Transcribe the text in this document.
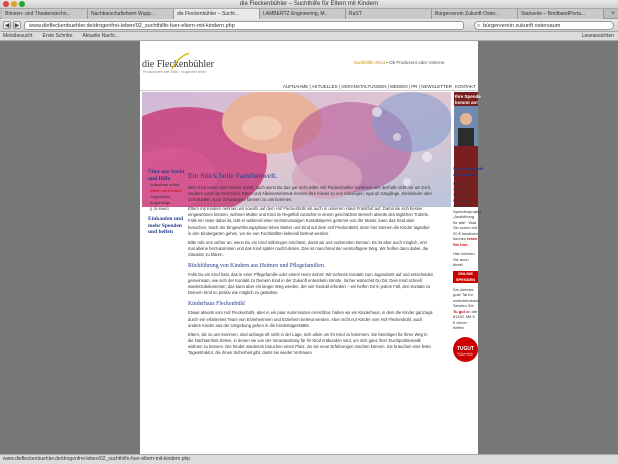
die Fleckenbühler – Suchthilfe für Eltern mit Kindern
Brinsen- und Theaterstechn...	Nachbarschaftsheim Wupp...	die Fleckenbühler – Sucht...	LAMBERTZ Engineering, M...	RaST	Bürgerverein Zukunft Oster...	Startseite – BreitbandPorta...	+
◀ ▶	www.diefleckenbuehler.de/drogenfrei-leben/02_suchthilfe-fuer-eltern-mit-kindern.php	⌕ bürgerverein zukunft ostersaum
Meistbesucht Erste Schritte Aktuelle Nachr...	Leseansichten
die Fleckenbühler
Produzenten seit 1984 · drogenfrei leben
Suchthilfe 2014 • Ob Produzent oder Unterne
AUFNAHME | AKTUELLES | VERANSTALTUNGEN | MEDIEN | PR | NEWSLETTER KONTAKT
Ihre Spende
kommt an!
Über uns Sucht und Hilfe
Aufnahme sofort
Eltern mit Kindern
Jugendhilfe
Angehörige
§ 35 BtMG
Einkaufen und mehr Spenden und helfen
Ein Stück heile Familienwelt.

Dein Kind leidet unter Deiner Sucht, auch wenn Du das gar nicht willst. Wir Fleckenbühler kümmern uns deshalb nicht nur um Dich, sondern auch um Dein Kind. Eltern und Alleinerziehende können ihre Kinder zu uns mitbringen, egal ob Säuglinge, Kleinkinder oder Schulkinder. Auch Schwangere können zu uns kommen.

Eltern mit Kindern nehmen wir sowohl auf dem Hof Fleckenbühl als auch in unserem Haus Frankfurt auf. Damit sie sich besser eingewöhnen können, wohnen Mutter und Kind im Regelfall zunächst in einem geschützten Bereich abseits des täglichen Trubels. Falls ein Vater dabei ist, lebt er während einer sechsmonatigen Kontaktsperre getrennt von der Mutter, kann das Kind aber besuchen. Nach der Eingewöhnungsphase leben Mutter und Kind auf dem Hof Fleckenbühl, denn hier können die Kinder tagsüber in den Kindergarten gehen, wo sie von Fachkräften liebevoll betreut werden.

Bitte rufe uns vorher an, wenn Du ein Kind mitbringen möchtest, damit wir uns vorbereiten können. Es ist aber auch möglich, erst mal alleine herzukommen und das Kind später nachzuholen. Das ist manchmal der vernünftigere Weg. Wir helfen dann dabei, die Situation zu klären.

Rückführung von Kindern aus Heimen und Pflegefamilien.

Falls Du ein Kind hast, das in einer Pflegefamilie oder einem Heim wohnt: Wir nehmen Kontakt zum Jugendamt auf und entscheiden gemeinsam, wie sich der Kontakt zu Deinem Kind in der Zukunft entwickeln könnte. Sicher wünschst Du Dir, Dein Kind schnell wiederzubekommen; das kann aber ein langer Weg werden, der viel Geduld erfordert – wir helfen Dir in jedem Fall, den Kontakt zu Deinem Kind so positiv wie möglich zu gestalten.

Kinderhaus Fleckenbühl

Etwas abseits vom Hof Fleckenbühl, aber in ein paar Autominuten erreichbar, haben wir ein Kinderhaus, in dem die Kinder ganztags durch ein erfahrenes Team von Erzieherinnen und Erziehern betreut werden. Aber nicht nur Kinder vom Hof Fleckenbühl, auch andere Kinder aus der Umgebung gehen in die Kindertagesstätte.

Eltern, die zu uns kommen, sind anfangs oft nicht in der Lage, sich allein um ihr Kind zu kümmern. Sie benötigen für ihren Weg in die Nüchternheit Zeiten, in denen sie von der Verantwortung für ihr Kind entbunden sind, um sich ganz ihrer Suchtproblematik widmen zu können. Die Kinder wiederum brauchen einen Platz, wo sie neue Erfahrungen machen können. Sie brauchen eine feste Tagesstruktur, die ihnen Sicherheit gibt, damit sie wieder Vertrauen

Spendenprojekt des Herbstes

Bitte helfen Sie mit! Spenden Sie für unser aktuelles Spendenprojekt „Ausbildung für alle“. Was Sie schon mit 20 € bewirken können lesen Sie hier.

Hier können Sie auch direkt

ONLINE SPENDEN

Die kleinste gute Tat für zwischendurch: Senden Sie Tu gut an die 81190. Mit 5 € clever helfen.

TUGUT
Die Fleckenbühler · CHARITY SHOP
www.diefleckenbuehler.de/drogenfrei-leben/02_suchthilfe-fuer-eltern-mit-kindern.php
